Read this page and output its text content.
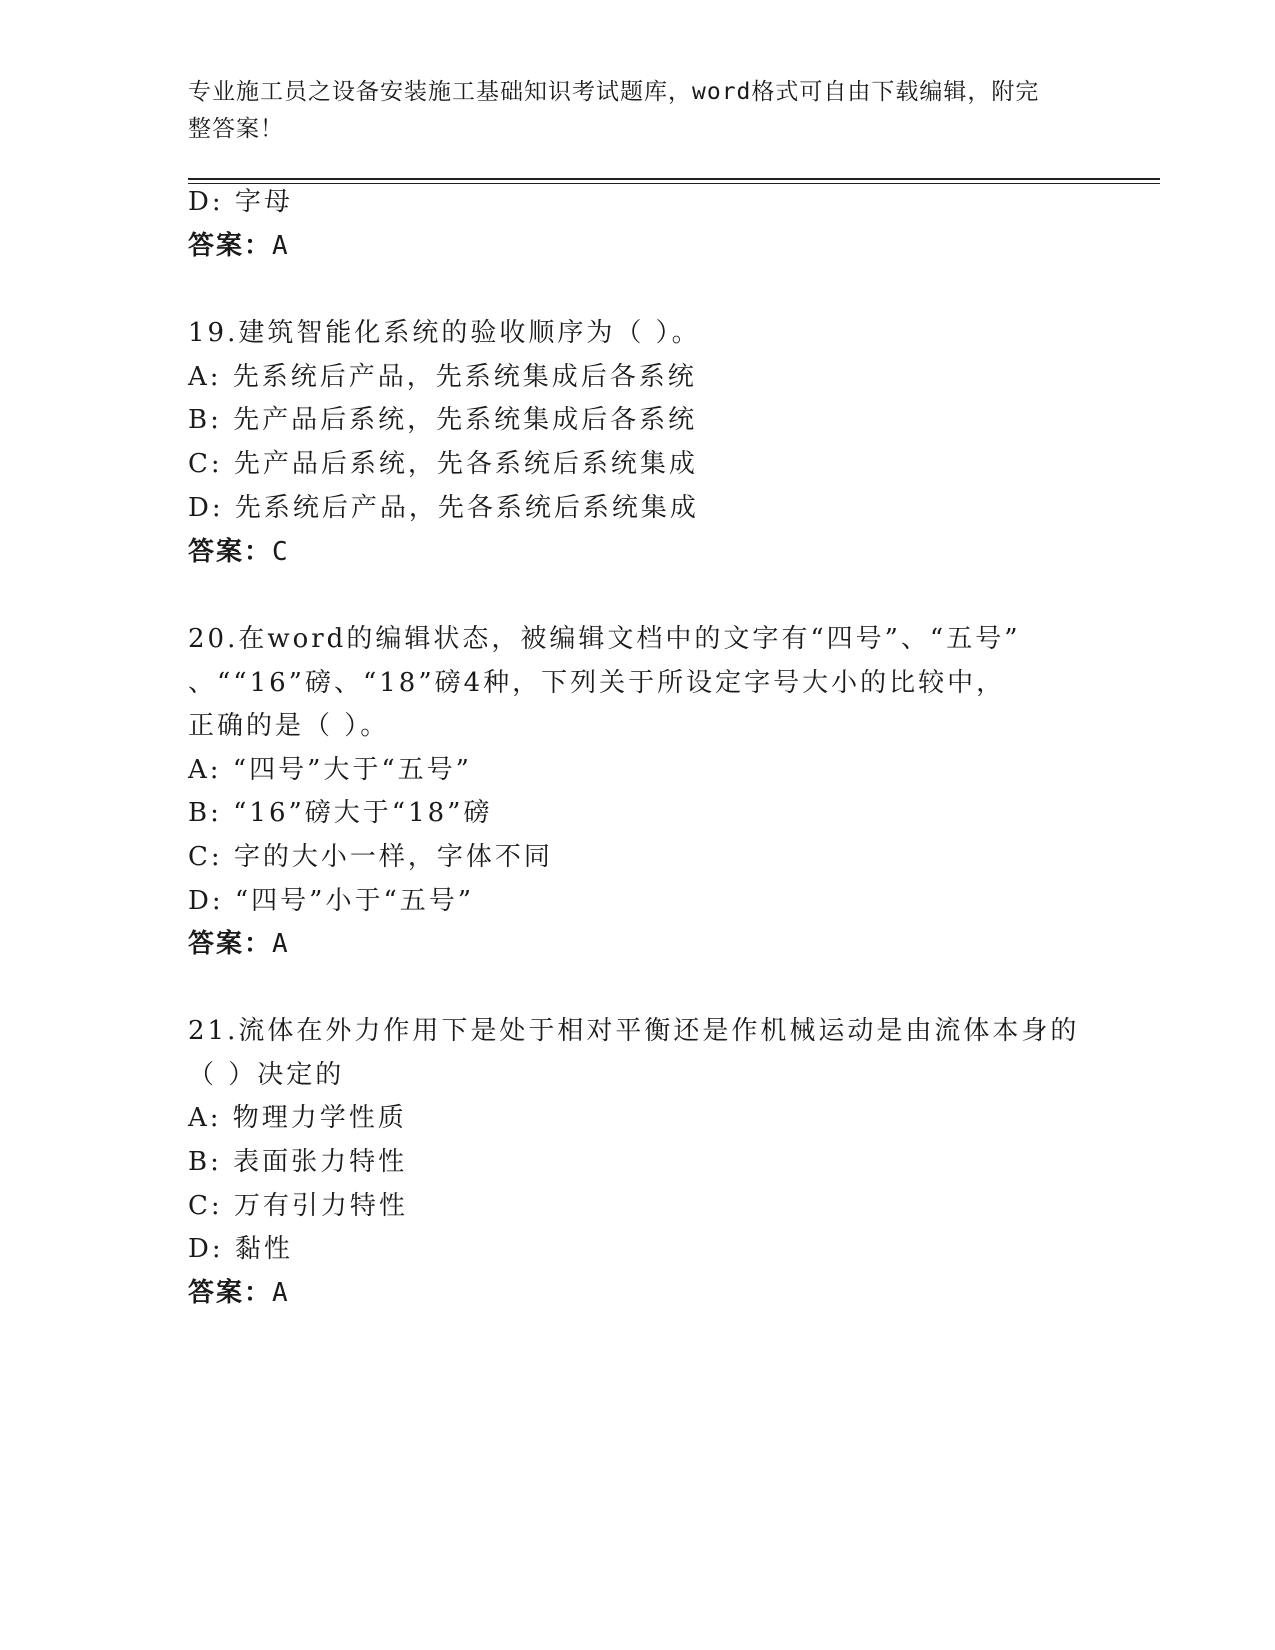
专业施工员之设备安装施工基础知识考试题库，word格式可自由下载编辑，附完
整答案！
D: 字母
答案：A
19.建筑智能化系统的验收顺序为（ ）。
A: 先系统后产品，先系统集成后各系统
B: 先产品后系统，先系统集成后各系统
C: 先产品后系统，先各系统后系统集成
D: 先系统后产品，先各系统后系统集成
答案：C
20.在word的编辑状态，被编辑文档中的文字有“四号”、“五号”
、““16”磅、“18”磅4种，下列关于所设定字号大小的比较中，
正确的是（ ）。
A: “四号”大于“五号”
B: “16”磅大于“18”磅
C: 字的大小一样，字体不同
D: “四号”小于“五号”
答案：A
21.流体在外力作用下是处于相对平衡还是作机械运动是由流体本身的
（ ）决定的
A: 物理力学性质
B: 表面张力特性
C: 万有引力特性
D: 黏性
答案：A
